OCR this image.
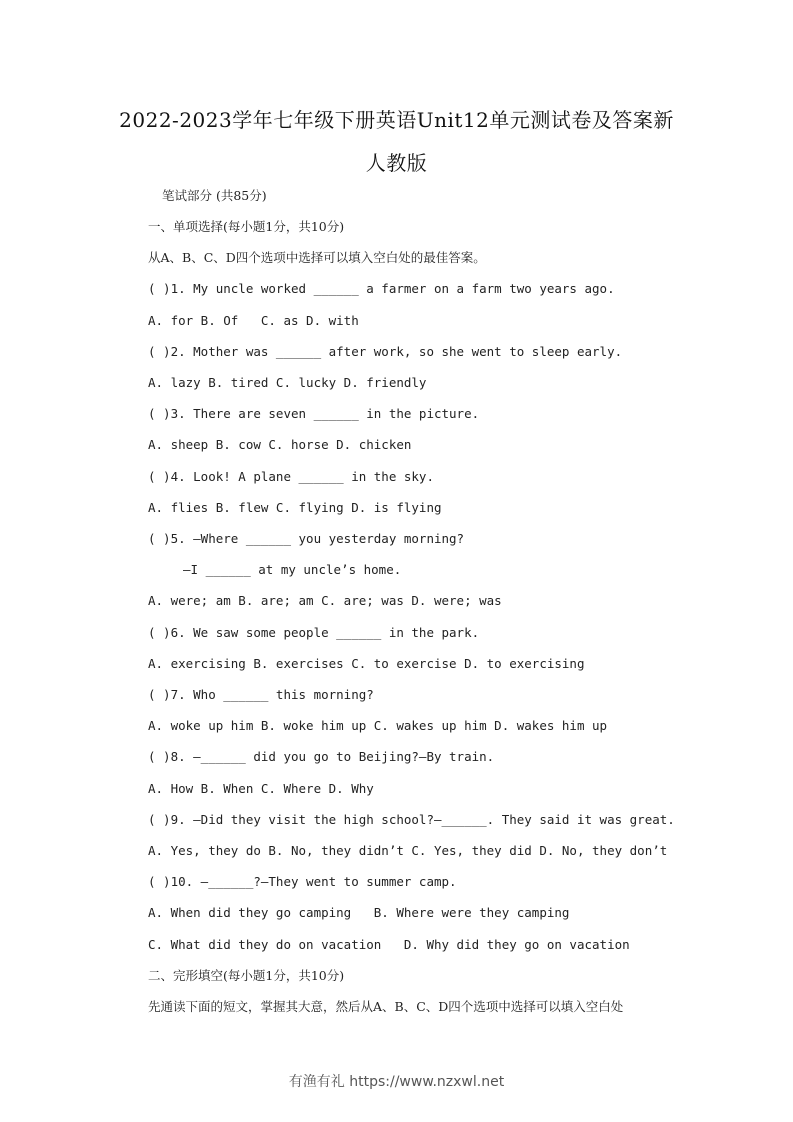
2022-2023学年七年级下册英语Unit12单元测试卷及答案新
人教版
笔试部分 (共85分)
一、单项选择(每小题1分，共10分)
从A、B、C、D四个选项中选择可以填入空白处的最佳答案。
( )1. My uncle worked ______ a farmer on a farm two years ago.
A. for B. Of   C. as D. with
( )2. Mother was ______ after work, so she went to sleep early.
A. lazy B. tired C. lucky D. friendly
( )3. There are seven ______ in the picture.
A. sheep B. cow C. horse D. chicken
( )4. Look! A plane ______ in the sky.
A. flies B. flew C. flying D. is flying
( )5. —Where ______ you yesterday morning?
—I ______ at my uncle’s home.
A. were; am B. are; am C. are; was D. were; was
( )6. We saw some people ______ in the park.
A. exercising B. exercises C. to exercise D. to exercising
( )7. Who ______ this morning?
A. woke up him B. woke him up C. wakes up him D. wakes him up
( )8. —______ did you go to Beijing?—By train.
A. How B. When C. Where D. Why
( )9. —Did they visit the high school?—______. They said it was great.
A. Yes, they do B. No, they didn’t C. Yes, they did D. No, they don’t
( )10. —______?—They went to summer camp.
A. When did they go camping   B. Where were they camping
C. What did they do on vacation   D. Why did they go on vacation
二、完形填空(每小题1分，共10分)
先通读下面的短文，掌握其大意，然后从A、B、C、D四个选项中选择可以填入空白处
有渔有礼 https://www.nzxwl.net
